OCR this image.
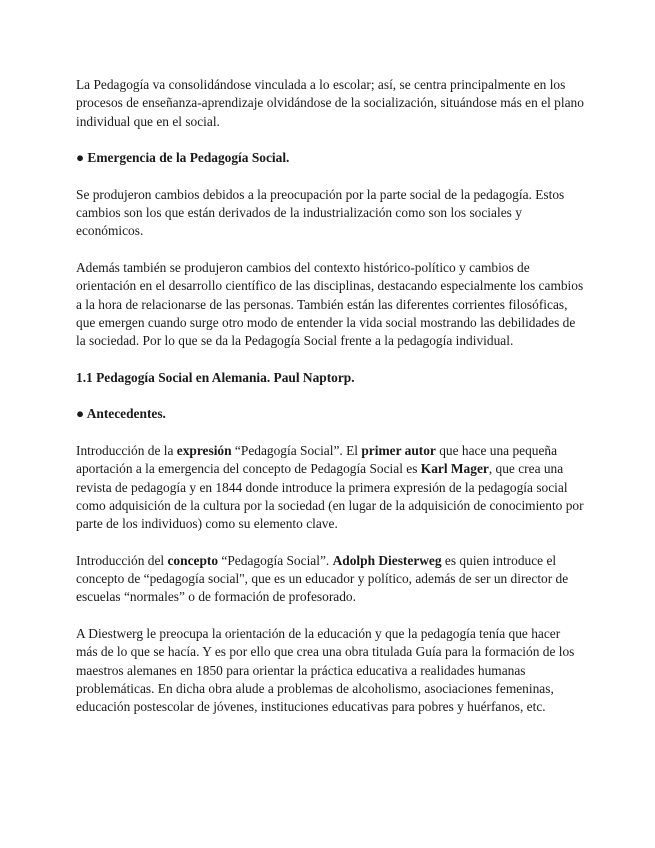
La Pedagogía va consolidándose vinculada a lo escolar; así, se centra principalmente en los procesos de enseñanza-aprendizaje olvidándose de la socialización, situándose más en el plano individual que en el social.

● Emergencia de la Pedagogía Social.

Se produjeron cambios debidos a la preocupación por la parte social de la pedagogía. Estos cambios son los que están derivados de la industrialización como son los sociales y económicos.

Además también se produjeron cambios del contexto histórico-político y cambios de orientación en el desarrollo científico de las disciplinas, destacando especialmente los cambios a la hora de relacionarse de las personas. También están las diferentes corrientes filosóficas, que emergen cuando surge otro modo de entender la vida social mostrando las debilidades de la sociedad. Por lo que se da la Pedagogía Social frente a la pedagogía individual.

1.1 Pedagogía Social en Alemania. Paul Naptorp.

● Antecedentes.

Introducción de la expresión “Pedagogía Social”. El primer autor que hace una pequeña aportación a la emergencia del concepto de Pedagogía Social es Karl Mager, que crea una revista de pedagogía y en 1844 donde introduce la primera expresión de la pedagogía social como adquisición de la cultura por la sociedad (en lugar de la adquisición de conocimiento por parte de los individuos) como su elemento clave.

Introducción del concepto “Pedagogía Social”. Adolph Diesterweg es quien introduce el concepto de “pedagogía social", que es un educador y político, además de ser un director de escuelas “normales” o de formación de profesorado.

A Diestwerg le preocupa la orientación de la educación y que la pedagogía tenía que hacer más de lo que se hacía. Y es por ello que crea una obra titulada Guía para la formación de los maestros alemanes en 1850 para orientar la práctica educativa a realidades humanas problemáticas. En dicha obra alude a problemas de alcoholismo, asociaciones femeninas, educación postescolar de jóvenes, instituciones educativas para pobres y huérfanos, etc.
